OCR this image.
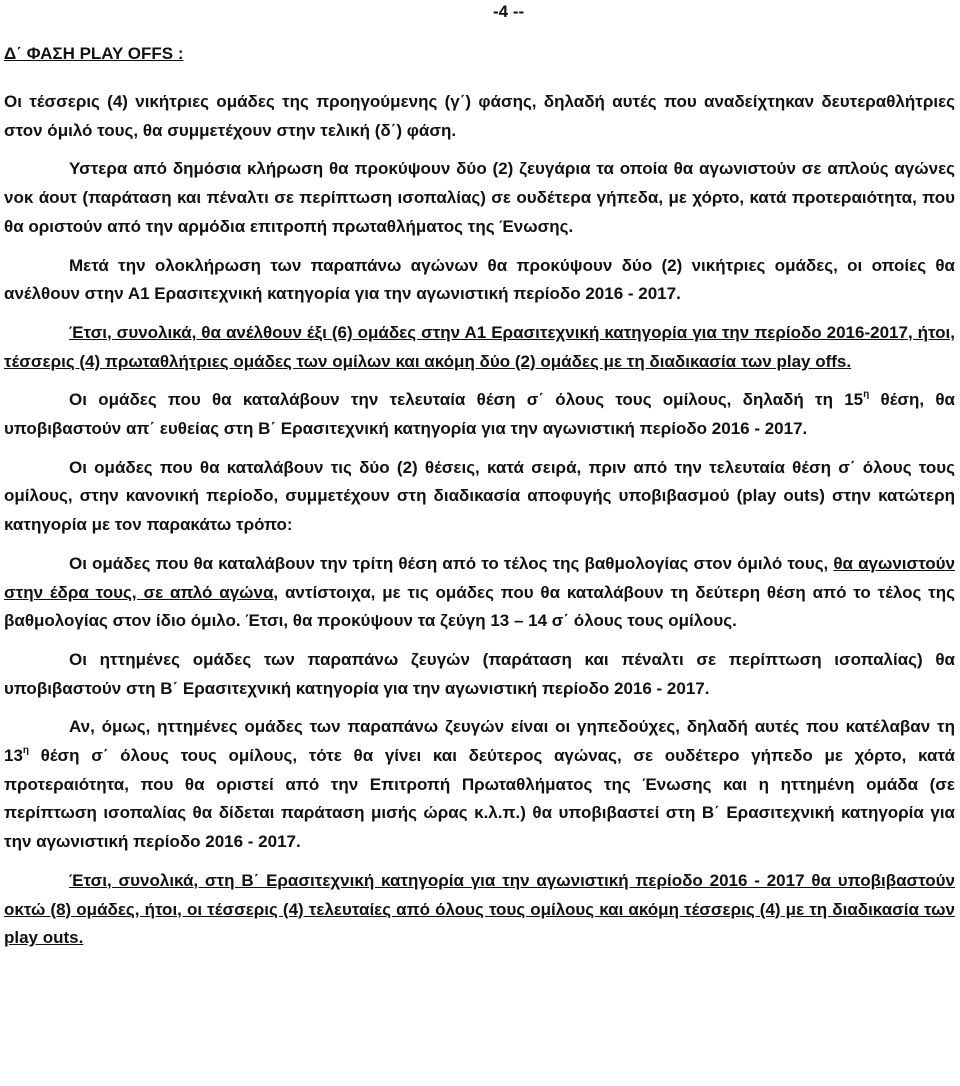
-4 --
Δ΄ ΦΑΣΗ PLAY OFFS :

Οι τέσσερις (4) νικήτριες ομάδες της προηγούμενης (γ΄) φάσης, δηλαδή αυτές που αναδείχτηκαν δευτεραθλήτριες στον όμιλό τους, θα συμμετέχουν στην τελική (δ΄) φάση.

Υστερα από δημόσια κλήρωση θα προκύψουν δύο (2) ζευγάρια τα οποία θα αγωνιστούν σε απλούς αγώνες νοκ άουτ (παράταση και πέναλτι σε περίπτωση ισοπαλίας) σε ουδέτερα γήπεδα, με χόρτο, κατά προτεραιότητα, που θα οριστούν από την αρμόδια επιτροπή πρωταθλήματος της Ένωσης.

Μετά την ολοκλήρωση των παραπάνω αγώνων θα προκύψουν δύο (2) νικήτριες ομάδες, οι οποίες θα ανέλθουν στην Α1 Ερασιτεχνική κατηγορία για την αγωνιστική περίοδο 2016 - 2017.

Έτσι, συνολικά, θα ανέλθουν έξι (6) ομάδες στην Α1 Ερασιτεχνική κατηγορία για την περίοδο 2016-2017, ήτοι, τέσσερις (4) πρωταθλήτριες ομάδες των ομίλων και ακόμη δύο (2) ομάδες με τη διαδικασία των play offs.

Οι ομάδες που θα καταλάβουν την τελευταία θέση σ΄ όλους τους ομίλους, δηλαδή τη $15^\eta$ θέση, θα υποβιβαστούν απ΄ ευθείας στη Β΄ Ερασιτεχνική κατηγορία για την αγωνιστική περίοδο 2016 - 2017.

Οι ομάδες που θα καταλάβουν τις δύο (2) θέσεις, κατά σειρά, πριν από την τελευταία θέση σ΄ όλους τους ομίλους, στην κανονική περίοδο, συμμετέχουν στη διαδικασία αποφυγής υποβιβασμού (play outs) στην κατώτερη κατηγορία με τον παρακάτω τρόπο:

Οι ομάδες που θα καταλάβουν την τρίτη θέση από το τέλος της βαθμολογίας στον όμιλό τους, θα αγωνιστούν στην έδρα τους, σε απλό αγώνα, αντίστοιχα, με τις ομάδες που θα καταλάβουν τη δεύτερη θέση από το τέλος της βαθμολογίας στον ίδιο όμιλο. Έτσι, θα προκύψουν τα ζεύγη 13 – 14 σ΄ όλους τους ομίλους.

Οι ηττημένες ομάδες των παραπάνω ζευγών (παράταση και πέναλτι σε περίπτωση ισοπαλίας) θα υποβιβαστούν στη Β΄ Ερασιτεχνική κατηγορία για την αγωνιστική περίοδο 2016 - 2017.

Αν, όμως, ηττημένες ομάδες των παραπάνω ζευγών είναι οι γηπεδούχες, δηλαδή αυτές που κατέλαβαν τη $13^\eta$ θέση σ΄ όλους τους ομίλους, τότε θα γίνει και δεύτερος αγώνας, σε ουδέτερο γήπεδο με χόρτο, κατά προτεραιότητα, που θα οριστεί από την Επιτροπή Πρωταθλήματος της Ένωσης και η ηττημένη ομάδα (σε περίπτωση ισοπαλίας θα δίδεται παράταση μισής ώρας κ.λ.π.) θα υποβιβαστεί στη Β΄ Ερασιτεχνική κατηγορία για την αγωνιστική περίοδο 2016 - 2017.

Έτσι, συνολικά, στη Β΄ Ερασιτεχνική κατηγορία για την αγωνιστική περίοδο 2016 - 2017 θα υποβιβαστούν οκτώ (8) ομάδες, ήτοι, οι τέσσερις (4) τελευταίες από όλους τους ομίλους και ακόμη τέσσερις (4) με τη διαδικασία των play outs.
